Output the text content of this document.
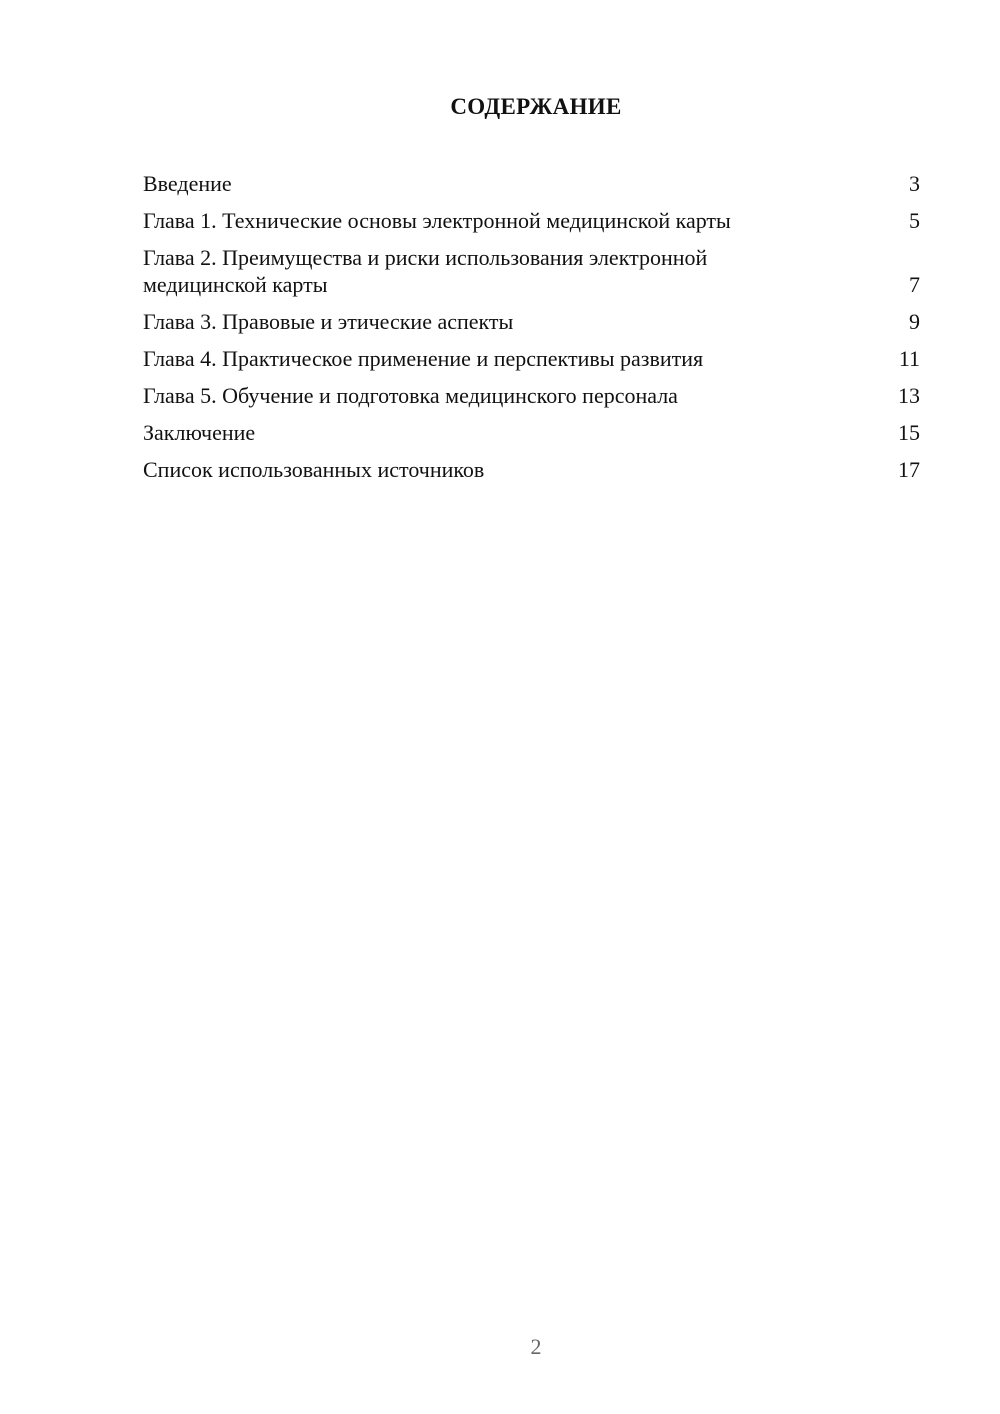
СОДЕРЖАНИЕ
Введение	3
Глава 1. Технические основы электронной медицинской карты	5
Глава 2. Преимущества и риски использования электронной медицинской карты	7
Глава 3. Правовые и этические аспекты	9
Глава 4. Практическое применение и перспективы развития	11
Глава 5. Обучение и подготовка медицинского персонала	13
Заключение	15
Список использованных источников	17
2
